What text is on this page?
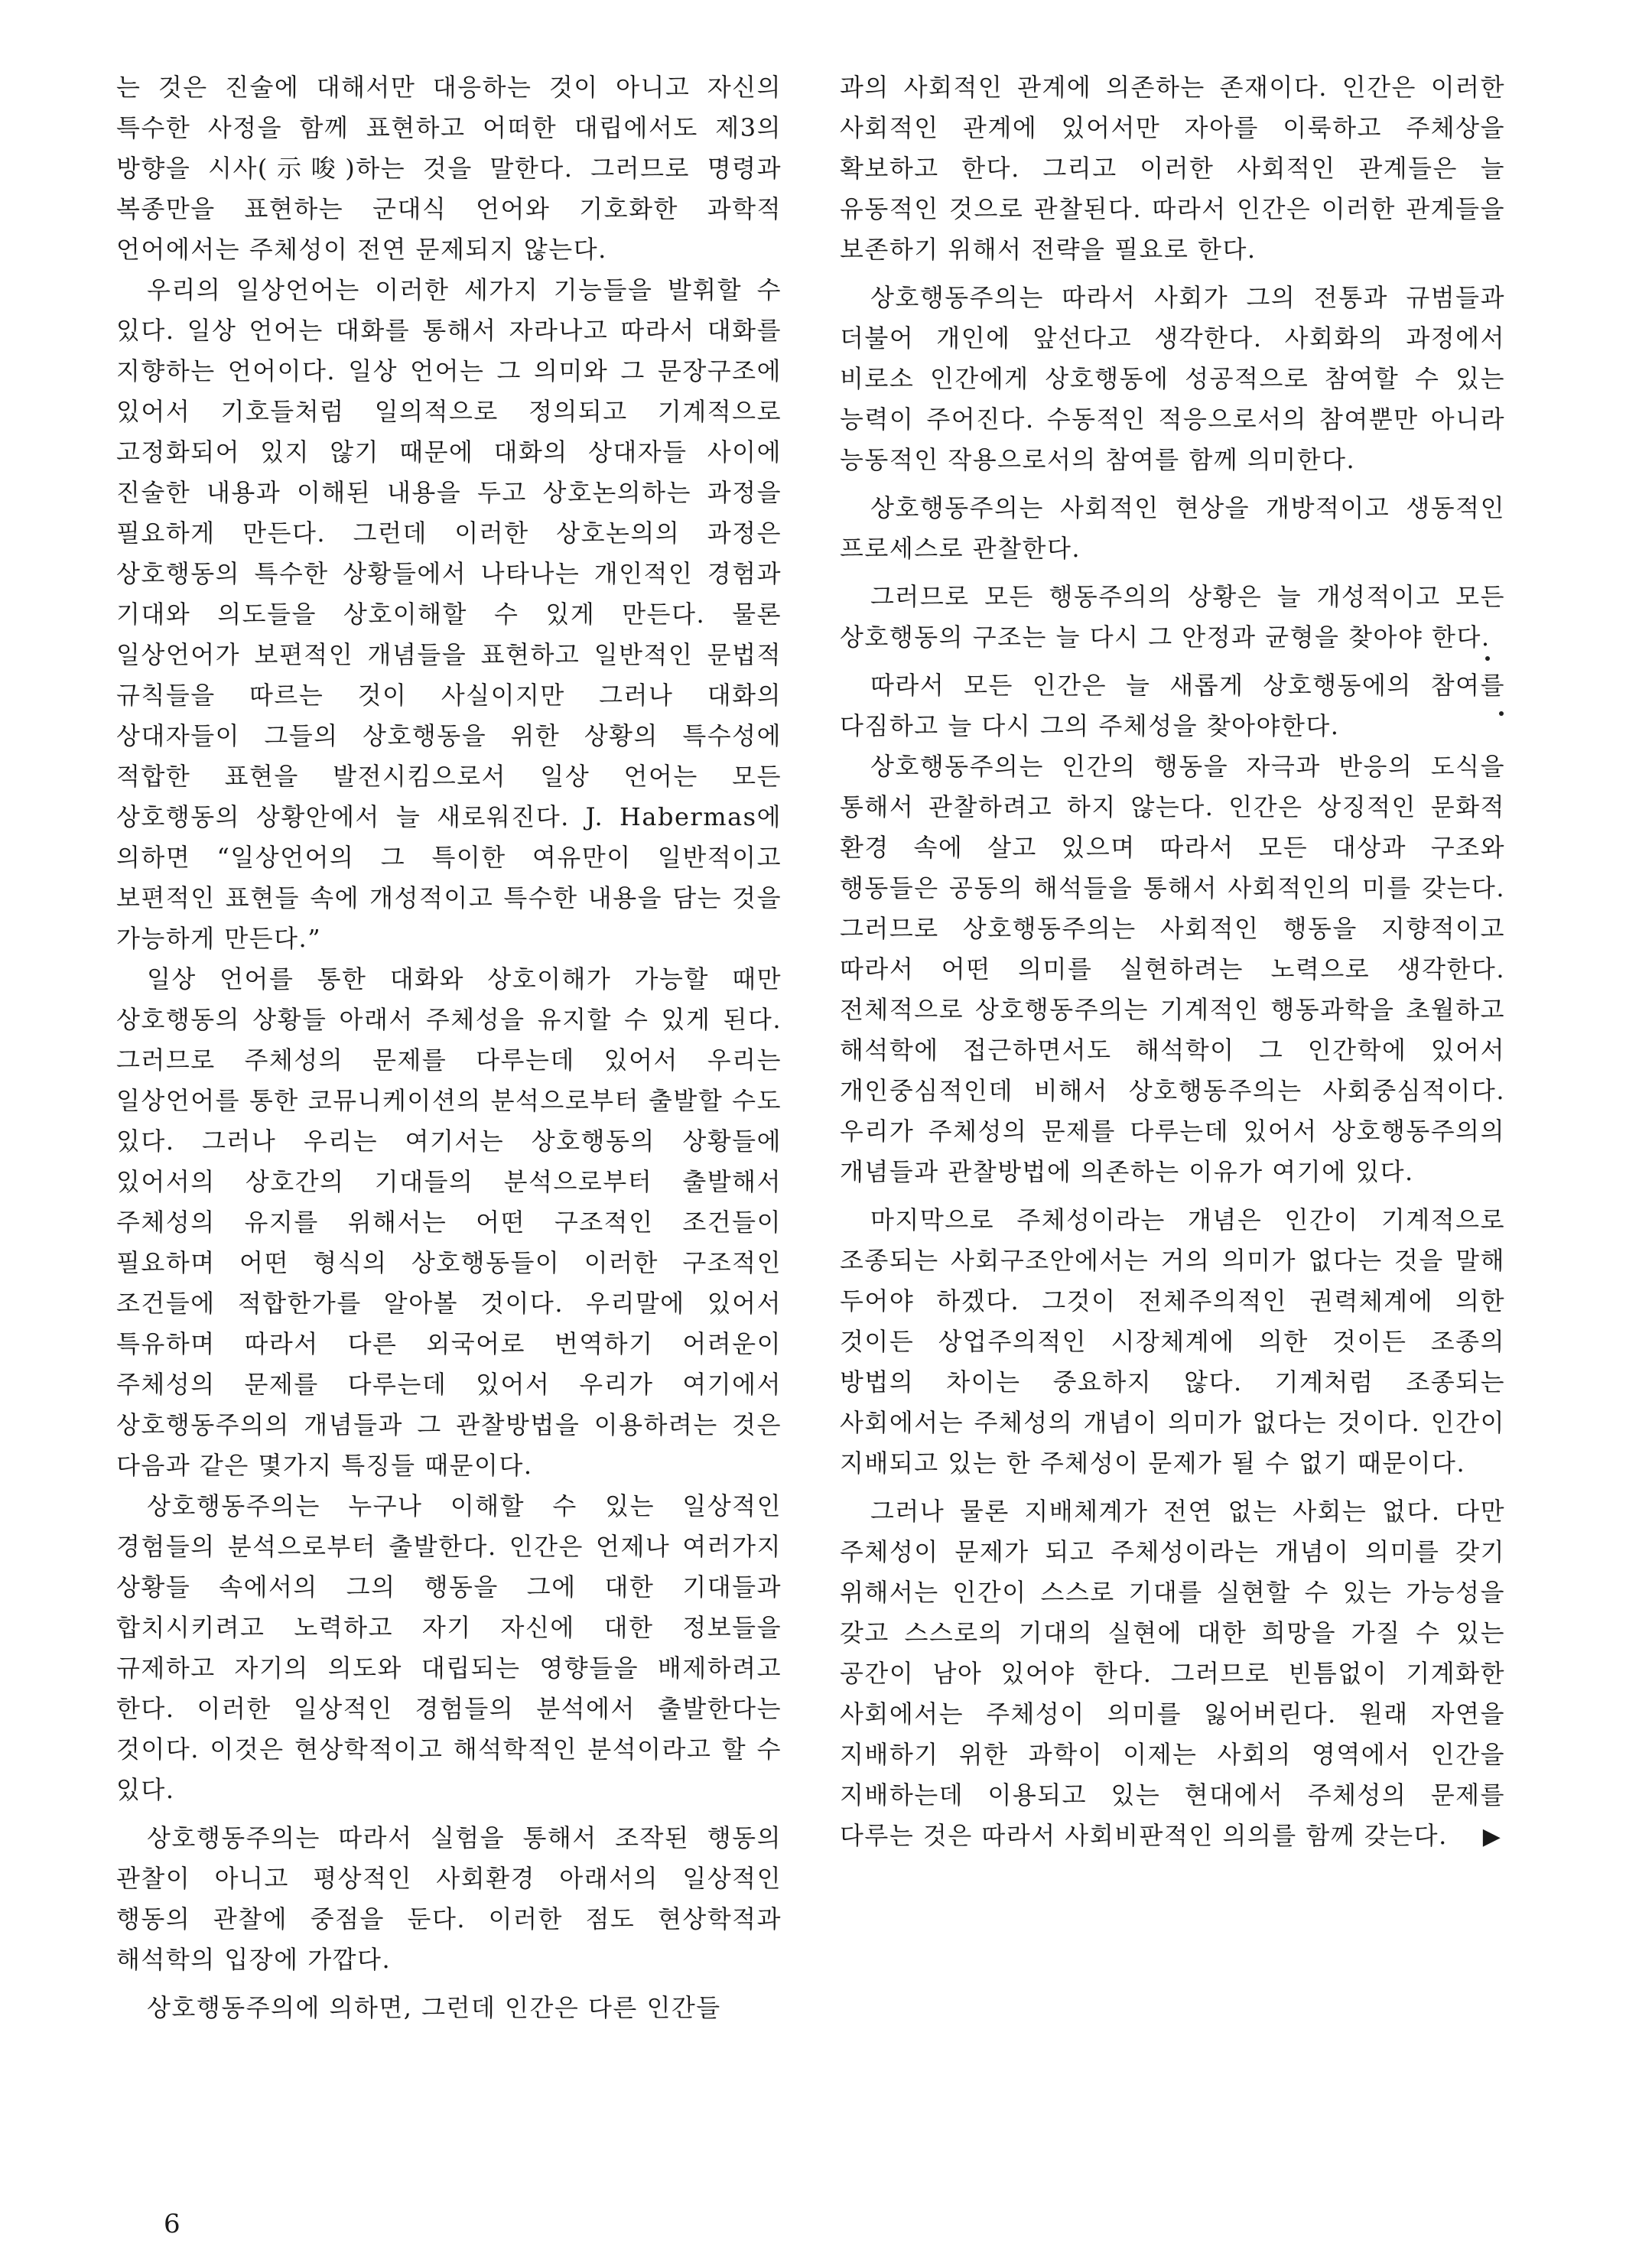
는 것은 진술에 대해서만 대응하는 것이 아니고 자신의 특수한 사정을 함께 표현하고 어떠한 대립에서도 제3의 방향을 시사(示唆)하는 것을 말한다. 그러므로 명령과 복종만을 표현하는 군대식 언어와 기호화한 과학적 언어에서는 주체성이 전연 문제되지 않는다.

우리의 일상언어는 이러한 세가지 기능들을 발휘할 수 있다. 일상 언어는 대화를 통해서 자라나고 따라서 대화를 지향하는 언어이다. 일상 언어는 그 의미와 그 문장구조에 있어서 기호들처럼 일의적으로 정의되고 기계적으로 고정화되어 있지 않기 때문에 대화의 상대자들 사이에 진술한 내용과 이해된 내용을 두고 상호논의하는 과정을 필요하게 만든다. 그런데 이러한 상호논의의 과정은 상호행동의 특수한 상황들에서 나타나는 개인적인 경험과 기대와 의도들을 상호이해할 수 있게 만든다. 물론 일상언어가 보편적인 개념들을 표현하고 일반적인 문법적 규칙들을 따르는 것이 사실이지만 그러나 대화의 상대자들이 그들의 상호행동을 위한 상황의 특수성에 적합한 표현을 발전시킴으로서 일상 언어는 모든 상호행동의 상황안에서 늘 새로워진다. J. Habermas에 의하면 “일상언어의 그 특이한 여유만이 일반적이고 보편적인 표현들 속에 개성적이고 특수한 내용을 담는 것을 가능하게 만든다.”

일상 언어를 통한 대화와 상호이해가 가능할 때만 상호행동의 상황들 아래서 주체성을 유지할 수 있게 된다. 그러므로 주체성의 문제를 다루는데 있어서 우리는 일상언어를 통한 코뮤니케이션의 분석으로부터 출발할 수도 있다. 그러나 우리는 여기서는 상호행동의 상황들에 있어서의 상호간의 기대들의 분석으로부터 출발해서 주체성의 유지를 위해서는 어떤 구조적인 조건들이 필요하며 어떤 형식의 상호행동들이 이러한 구조적인 조건들에 적합한가를 알아볼 것이다. 우리말에 있어서 특유하며 따라서 다른 외국어로 번역하기 어려운이 주체성의 문제를 다루는데 있어서 우리가 여기에서 상호행동주의의 개념들과 그 관찰방법을 이용하려는 것은 다음과 같은 몇가지 특징들 때문이다.

상호행동주의는 누구나 이해할 수 있는 일상적인 경험들의 분석으로부터 출발한다. 인간은 언제나 여러가지 상황들 속에서의 그의 행동을 그에 대한 기대들과 합치시키려고 노력하고 자기 자신에 대한 정보들을 규제하고 자기의 의도와 대립되는 영향들을 배제하려고 한다. 이러한 일상적인 경험들의 분석에서 출발한다는 것이다. 이것은 현상학적이고 해석학적인 분석이라고 할 수 있다.

상호행동주의는 따라서 실험을 통해서 조작된 행동의 관찰이 아니고 평상적인 사회환경 아래서의 일상적인 행동의 관찰에 중점을 둔다. 이러한 점도 현상학적과 해석학의 입장에 가깝다.

상호행동주의에 의하면, 그런데 인간은 다른 인간들

과의 사회적인 관계에 의존하는 존재이다. 인간은 이러한 사회적인 관계에 있어서만 자아를 이룩하고 주체상을 확보하고 한다. 그리고 이러한 사회적인 관계들은 늘 유동적인 것으로 관찰된다. 따라서 인간은 이러한 관계들을 보존하기 위해서 전략을 필요로 한다.

상호행동주의는 따라서 사회가 그의 전통과 규범들과 더불어 개인에 앞선다고 생각한다. 사회화의 과정에서 비로소 인간에게 상호행동에 성공적으로 참여할 수 있는 능력이 주어진다. 수동적인 적응으로서의 참여뿐만 아니라 능동적인 작용으로서의 참여를 함께 의미한다.

상호행동주의는 사회적인 현상을 개방적이고 생동적인 프로세스로 관찰한다.

그러므로 모든 행동주의의 상황은 늘 개성적이고 모든 상호행동의 구조는 늘 다시 그 안정과 균형을 찾아야 한다.

따라서 모든 인간은 늘 새롭게 상호행동에의 참여를 다짐하고 늘 다시 그의 주체성을 찾아야한다.

상호행동주의는 인간의 행동을 자극과 반응의 도식을 통해서 관찰하려고 하지 않는다. 인간은 상징적인 문화적 환경 속에 살고 있으며 따라서 모든 대상과 구조와 행동들은 공동의 해석들을 통해서 사회적인의 미를 갖는다. 그러므로 상호행동주의는 사회적인 행동을 지향적이고 따라서 어떤 의미를 실현하려는 노력으로 생각한다. 전체적으로 상호행동주의는 기계적인 행동과학을 초월하고 해석학에 접근하면서도 해석학이 그 인간학에 있어서 개인중심적인데 비해서 상호행동주의는 사회중심적이다. 우리가 주체성의 문제를 다루는데 있어서 상호행동주의의 개념들과 관찰방법에 의존하는 이유가 여기에 있다.

마지막으로 주체성이라는 개념은 인간이 기계적으로 조종되는 사회구조안에서는 거의 의미가 없다는 것을 말해 두어야 하겠다. 그것이 전체주의적인 권력체계에 의한 것이든 상업주의적인 시장체계에 의한 것이든 조종의 방법의 차이는 중요하지 않다. 기계처럼 조종되는 사회에서는 주체성의 개념이 의미가 없다는 것이다. 인간이 지배되고 있는 한 주체성이 문제가 될 수 없기 때문이다.

그러나 물론 지배체계가 전연 없는 사회는 없다. 다만 주체성이 문제가 되고 주체성이라는 개념이 의미를 갖기 위해서는 인간이 스스로 기대를 실현할 수 있는 가능성을 갖고 스스로의 기대의 실현에 대한 희망을 가질 수 있는 공간이 남아 있어야 한다. 그러므로 빈틈없이 기계화한 사회에서는 주체성이 의미를 잃어버린다. 원래 자연을 지배하기 위한 과학이 이제는 사회의 영역에서 인간을 지배하는데 이용되고 있는 현대에서 주체성의 문제를 다루는 것은 따라서 사회비판적인 의의를 함께 갖는다. ▶

6
